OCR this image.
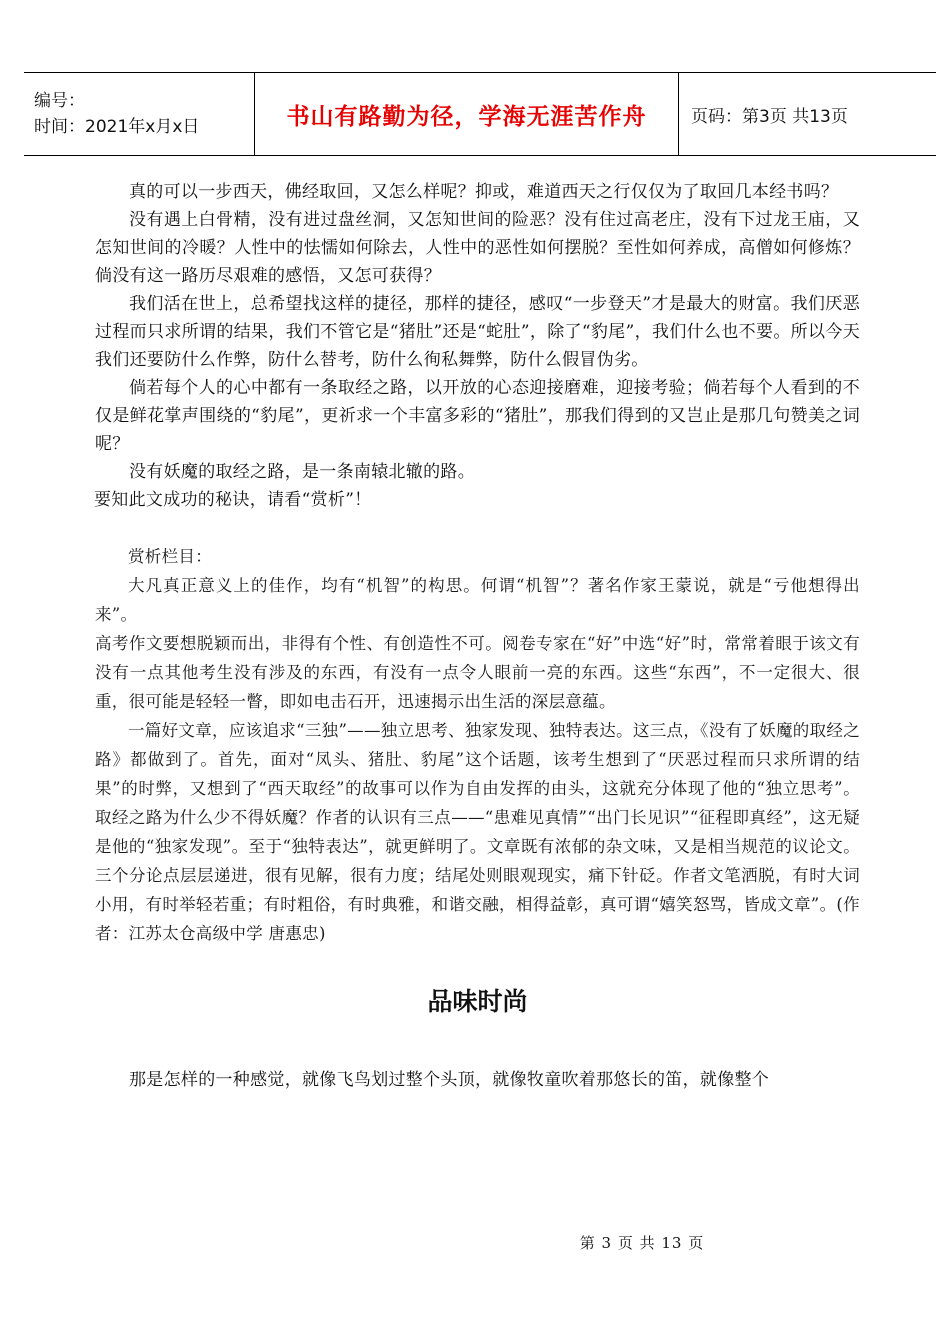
编号：
时间：2021年x月x日	书山有路勤为径，学海无涯苦作舟	页码：第3页 共13页

真的可以一步西天，佛经取回，又怎么样呢？抑或，难道西天之行仅仅为了取回几本经书吗？

没有遇上白骨精，没有进过盘丝洞，又怎知世间的险恶？没有住过高老庄，没有下过龙王庙，又怎知世间的冷暖？人性中的怯懦如何除去，人性中的恶性如何摆脱？至性如何养成，高僧如何修炼？倘没有这一路历尽艰难的感悟，又怎可获得？

我们活在世上，总希望找这样的捷径，那样的捷径，感叹“一步登天”才是最大的财富。我们厌恶过程而只求所谓的结果，我们不管它是“猪肚”还是“蛇肚”，除了“豹尾”，我们什么也不要。所以今天我们还要防什么作弊，防什么替考，防什么徇私舞弊，防什么假冒伪劣。

倘若每个人的心中都有一条取经之路，以开放的心态迎接磨难，迎接考验；倘若每个人看到的不仅是鲜花掌声围绕的“豹尾”，更祈求一个丰富多彩的“猪肚”，那我们得到的又岂止是那几句赞美之词呢？

没有妖魔的取经之路，是一条南辕北辙的路。

要知此文成功的秘诀，请看“赏析”！

赏析栏目：

大凡真正意义上的佳作，均有“机智”的构思。何谓“机智”？著名作家王蒙说，就是“亏他想得出来”。

高考作文要想脱颖而出，非得有个性、有创造性不可。阅卷专家在“好”中选“好”时，常常着眼于该文有没有一点其他考生没有涉及的东西，有没有一点令人眼前一亮的东西。这些“东西”，不一定很大、很重，很可能是轻轻一瞥，即如电击石开，迅速揭示出生活的深层意蕴。

一篇好文章，应该追求“三独”——独立思考、独家发现、独特表达。这三点，《没有了妖魔的取经之路》都做到了。首先，面对“凤头、猪肚、豹尾”这个话题，该考生想到了“厌恶过程而只求所谓的结果”的时弊，又想到了“西天取经”的故事可以作为自由发挥的由头，这就充分体现了他的“独立思考”。取经之路为什么少不得妖魔？作者的认识有三点——“患难见真情”“出门长见识”“征程即真经”，这无疑是他的“独家发现”。至于“独特表达”，就更鲜明了。文章既有浓郁的杂文味，又是相当规范的议论文。三个分论点层层递进，很有见解，很有力度；结尾处则眼观现实，痛下针砭。作者文笔洒脱，有时大词小用，有时举轻若重；有时粗俗，有时典雅，和谐交融，相得益彰，真可谓“嬉笑怒骂，皆成文章”。(作者：江苏太仓高级中学 唐惠忠)

品味时尚

那是怎样的一种感觉，就像飞鸟划过整个头顶，就像牧童吹着那悠长的笛，就像整个

第 3 页 共 13 页
